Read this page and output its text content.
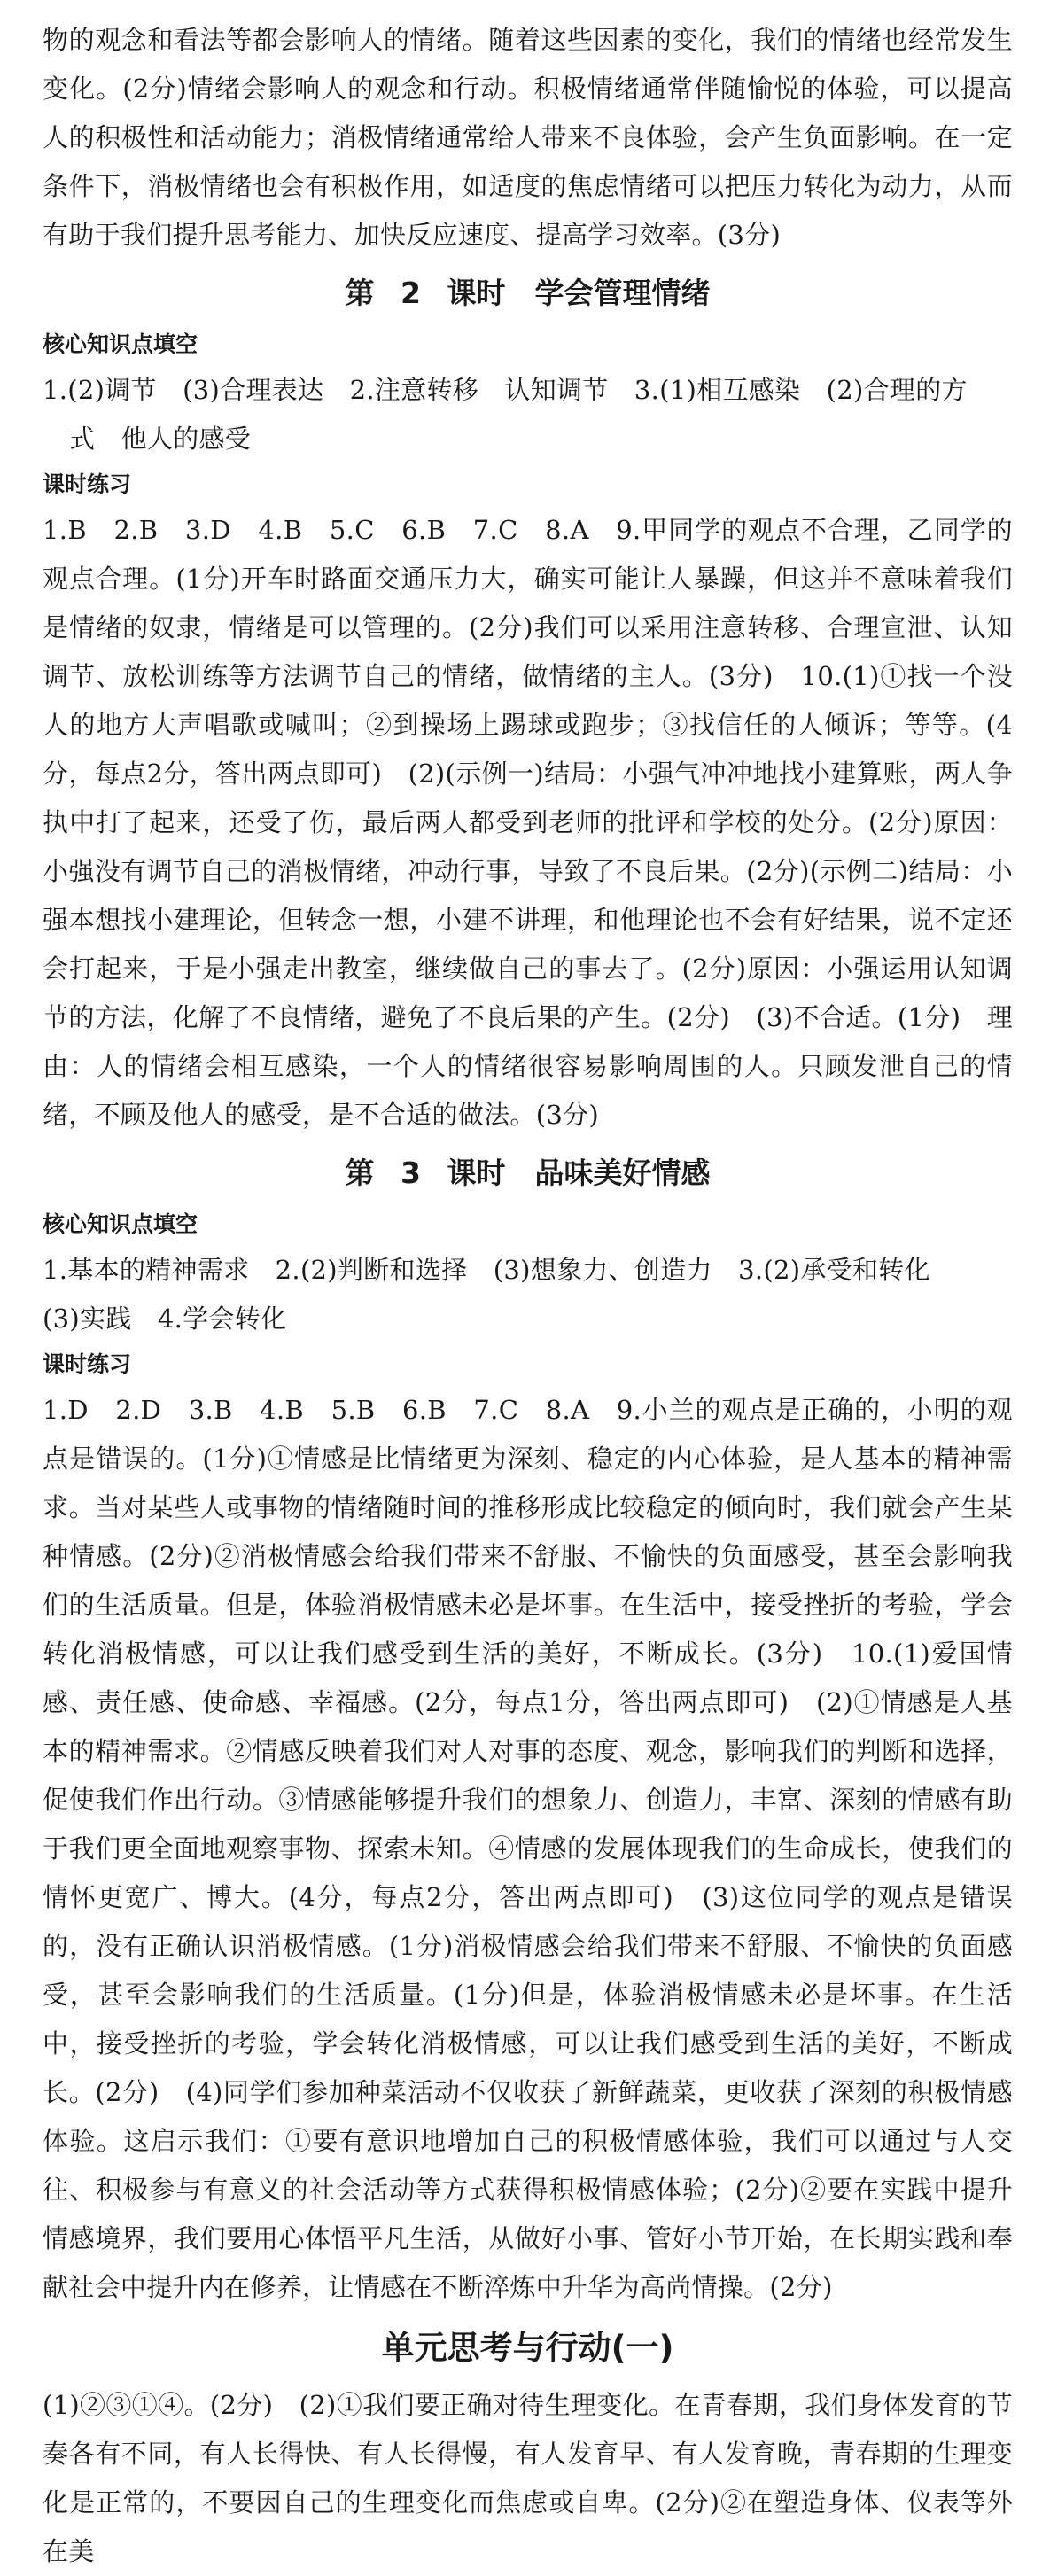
物的观念和看法等都会影响人的情绪。随着这些因素的变化，我们的情绪也经常发生变化。(2分)情绪会影响人的观念和行动。积极情绪通常伴随愉悦的体验，可以提高人的积极性和活动能力；消极情绪通常给人带来不良体验，会产生负面影响。在一定条件下，消极情绪也会有积极作用，如适度的焦虑情绪可以把压力转化为动力，从而有助于我们提升思考能力、加快反应速度、提高学习效率。(3分)

第 2 课时　学会管理情绪

核心知识点填空

1.(2)调节　(3)合理表达　2.注意转移　认知调节　3.(1)相互感染　(2)合理的方

式　他人的感受

课时练习

1.B　2.B　3.D　4.B　5.C　6.B　7.C　8.A　9.甲同学的观点不合理，乙同学的观点合理。(1分)开车时路面交通压力大，确实可能让人暴躁，但这并不意味着我们是情绪的奴隶，情绪是可以管理的。(2分)我们可以采用注意转移、合理宣泄、认知调节、放松训练等方法调节自己的情绪，做情绪的主人。(3分)　10.(1)①找一个没人的地方大声唱歌或喊叫；②到操场上踢球或跑步；③找信任的人倾诉；等等。(4分，每点2分，答出两点即可)　(2)(示例一)结局：小强气冲冲地找小建算账，两人争执中打了起来，还受了伤，最后两人都受到老师的批评和学校的处分。(2分)原因：小强没有调节自己的消极情绪，冲动行事，导致了不良后果。(2分)(示例二)结局：小强本想找小建理论，但转念一想，小建不讲理，和他理论也不会有好结果，说不定还会打起来，于是小强走出教室，继续做自己的事去了。(2分)原因：小强运用认知调节的方法，化解了不良情绪，避免了不良后果的产生。(2分)　(3)不合适。(1分)　理由：人的情绪会相互感染，一个人的情绪很容易影响周围的人。只顾发泄自己的情绪，不顾及他人的感受，是不合适的做法。(3分)

第 3 课时　品味美好情感

核心知识点填空

1.基本的精神需求　2.(2)判断和选择　(3)想象力、创造力　3.(2)承受和转化

(3)实践　4.学会转化

课时练习

1.D　2.D　3.B　4.B　5.B　6.B　7.C　8.A　9.小兰的观点是正确的，小明的观点是错误的。(1分)①情感是比情绪更为深刻、稳定的内心体验，是人基本的精神需求。当对某些人或事物的情绪随时间的推移形成比较稳定的倾向时，我们就会产生某种情感。(2分)②消极情感会给我们带来不舒服、不愉快的负面感受，甚至会影响我们的生活质量。但是，体验消极情感未必是坏事。在生活中，接受挫折的考验，学会转化消极情感，可以让我们感受到生活的美好，不断成长。(3分)　10.(1)爱国情感、责任感、使命感、幸福感。(2分，每点1分，答出两点即可)　(2)①情感是人基本的精神需求。②情感反映着我们对人对事的态度、观念，影响我们的判断和选择，促使我们作出行动。③情感能够提升我们的想象力、创造力，丰富、深刻的情感有助于我们更全面地观察事物、探索未知。④情感的发展体现我们的生命成长，使我们的情怀更宽广、博大。(4分，每点2分，答出两点即可)　(3)这位同学的观点是错误的，没有正确认识消极情感。(1分)消极情感会给我们带来不舒服、不愉快的负面感受，甚至会影响我们的生活质量。(1分)但是，体验消极情感未必是坏事。在生活中，接受挫折的考验，学会转化消极情感，可以让我们感受到生活的美好，不断成长。(2分)　(4)同学们参加种菜活动不仅收获了新鲜蔬菜，更收获了深刻的积极情感体验。这启示我们：①要有意识地增加自己的积极情感体验，我们可以通过与人交往、积极参与有意义的社会活动等方式获得积极情感体验；(2分)②要在实践中提升情感境界，我们要用心体悟平凡生活，从做好小事、管好小节开始，在长期实践和奉献社会中提升内在修养，让情感在不断淬炼中升华为高尚情操。(2分)

单元思考与行动(一)

(1)②③①④。(2分)　(2)①我们要正确对待生理变化。在青春期，我们身体发育的节奏各有不同，有人长得快、有人长得慢，有人发育早、有人发育晚，青春期的生理变化是正常的，不要因自己的生理变化而焦虑或自卑。(2分)②在塑造身体、仪表等外在美
